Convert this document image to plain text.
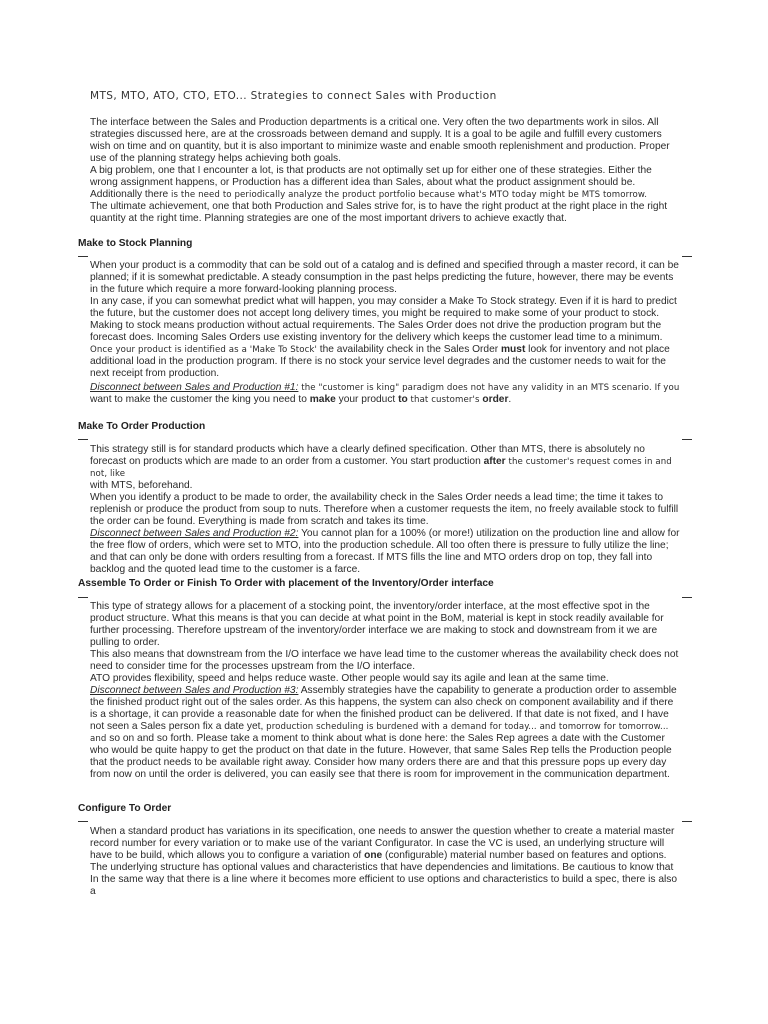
MTS, MTO, ATO, CTO, ETO... Strategies to connect Sales with Production

The interface between the Sales and Production departments is a critical one. Very often the two departments work in silos. All strategies discussed here, are at the crossroads between demand and supply. It is a goal to be agile and fulfill every customers wish on time and on quantity, but it is also important to minimize waste and enable smooth replenishment and production. Proper use of the planning strategy helps achieving both goals.

A big problem, one that I encounter a lot, is that products are not optimally set up for either one of these strategies. Either the wrong assignment happens, or Production has a different idea than Sales, about what the product assignment should be. Additionally there is the need to periodically analyze the product portfolio because what's MTO today might be MTS tomorrow.

The ultimate achievement, one that both Production and Sales strive for, is to have the right product at the right place in the right quantity at the right time. Planning strategies are one of the most important drivers to achieve exactly that.

Make to Stock Planning

When your product is a commodity that can be sold out of a catalog and is defined and specified through a master record, it can be planned; if it is somewhat predictable. A steady consumption in the past helps predicting the future, however, there may be events in the future which require a more forward-looking planning process.

In any case, if you can somewhat predict what will happen, you may consider a Make To Stock strategy. Even if it is hard to predict the future, but the customer does not accept long delivery times, you might be required to make some of your product to stock.

Making to stock means production without actual requirements. The Sales Order does not drive the production program but the forecast does. Incoming Sales Orders use existing inventory for the delivery which keeps the customer lead time to a minimum.

Once your product is identified as a 'Make To Stock' the availability check in the Sales Order must look for inventory and not place additional load in the production program. If there is no stock your service level degrades and the customer needs to wait for the next receipt from production.

Disconnect between Sales and Production #1: the "customer is king" paradigm does not have any validity in an MTS scenario. If you
want to make the customer the king you need to make your product to that customer's order.

Make To Order Production

This strategy still is for standard products which have a clearly defined specification. Other than MTS, there is absolutely no forecast on products which are made to an order from a customer. You start production after the customer's request comes in and not, like
with MTS, beforehand.

When you identify a product to be made to order, the availability check in the Sales Order needs a lead time; the time it takes to replenish or produce the product from soup to nuts. Therefore when a customer requests the item, no freely available stock to fulfill the order can be found. Everything is made from scratch and takes its time.

Disconnect between Sales and Production #2: You cannot plan for a 100% (or more!) utilization on the production line and allow for the free flow of orders, which were set to MTO, into the production schedule. All too often there is pressure to fully utilize the line; and that can only be done with orders resulting from a forecast. If MTS fills the line and MTO orders drop on top, they fall into backlog and the quoted lead time to the customer is a farce.

Assemble To Order or Finish To Order with placement of the Inventory/Order interface

This type of strategy allows for a placement of a stocking point, the inventory/order interface, at the most effective spot in the product structure. What this means is that you can decide at what point in the BoM, material is kept in stock readily available for further processing. Therefore upstream of the inventory/order interface we are making to stock and downstream from it we are pulling to order.

This also means that downstream from the I/O interface we have lead time to the customer whereas the availability check does not need to consider time for the processes upstream from the I/O interface.

ATO provides flexibility, speed and helps reduce waste. Other people would say its agile and lean at the same time.

Disconnect between Sales and Production #3: Assembly strategies have the capability to generate a production order to assemble the finished product right out of the sales order. As this happens, the system can also check on component availability and if there is a shortage, it can provide a reasonable date for when the finished product can be delivered. If that date is not fixed, and I have not seen a Sales person fix a date yet, production scheduling is burdened with a demand for today... and tomorrow for tomorrow... and so on and so forth. Please take a moment to think about what is done here: the Sales Rep agrees a date with the Customer who would be quite happy to get the product on that date in the future. However, that same Sales Rep tells the Production people that the product needs to be available right away. Consider how many orders there are and that this pressure pops up every day from now on until the order is delivered, you can easily see that there is room for improvement in the communication department.

Configure To Order

When a standard product has variations in its specification, one needs to answer the question whether to create a material master record number for every variation or to make use of the variant Configurator. In case the VC is used, an underlying structure will have to be build, which allows you to configure a variation of one (configurable) material number based on features and options.

The underlying structure has optional values and characteristics that have dependencies and limitations. Be cautious to know that

In the same way that there is a line where it becomes more efficient to use options and characteristics to build a spec, there is also a
